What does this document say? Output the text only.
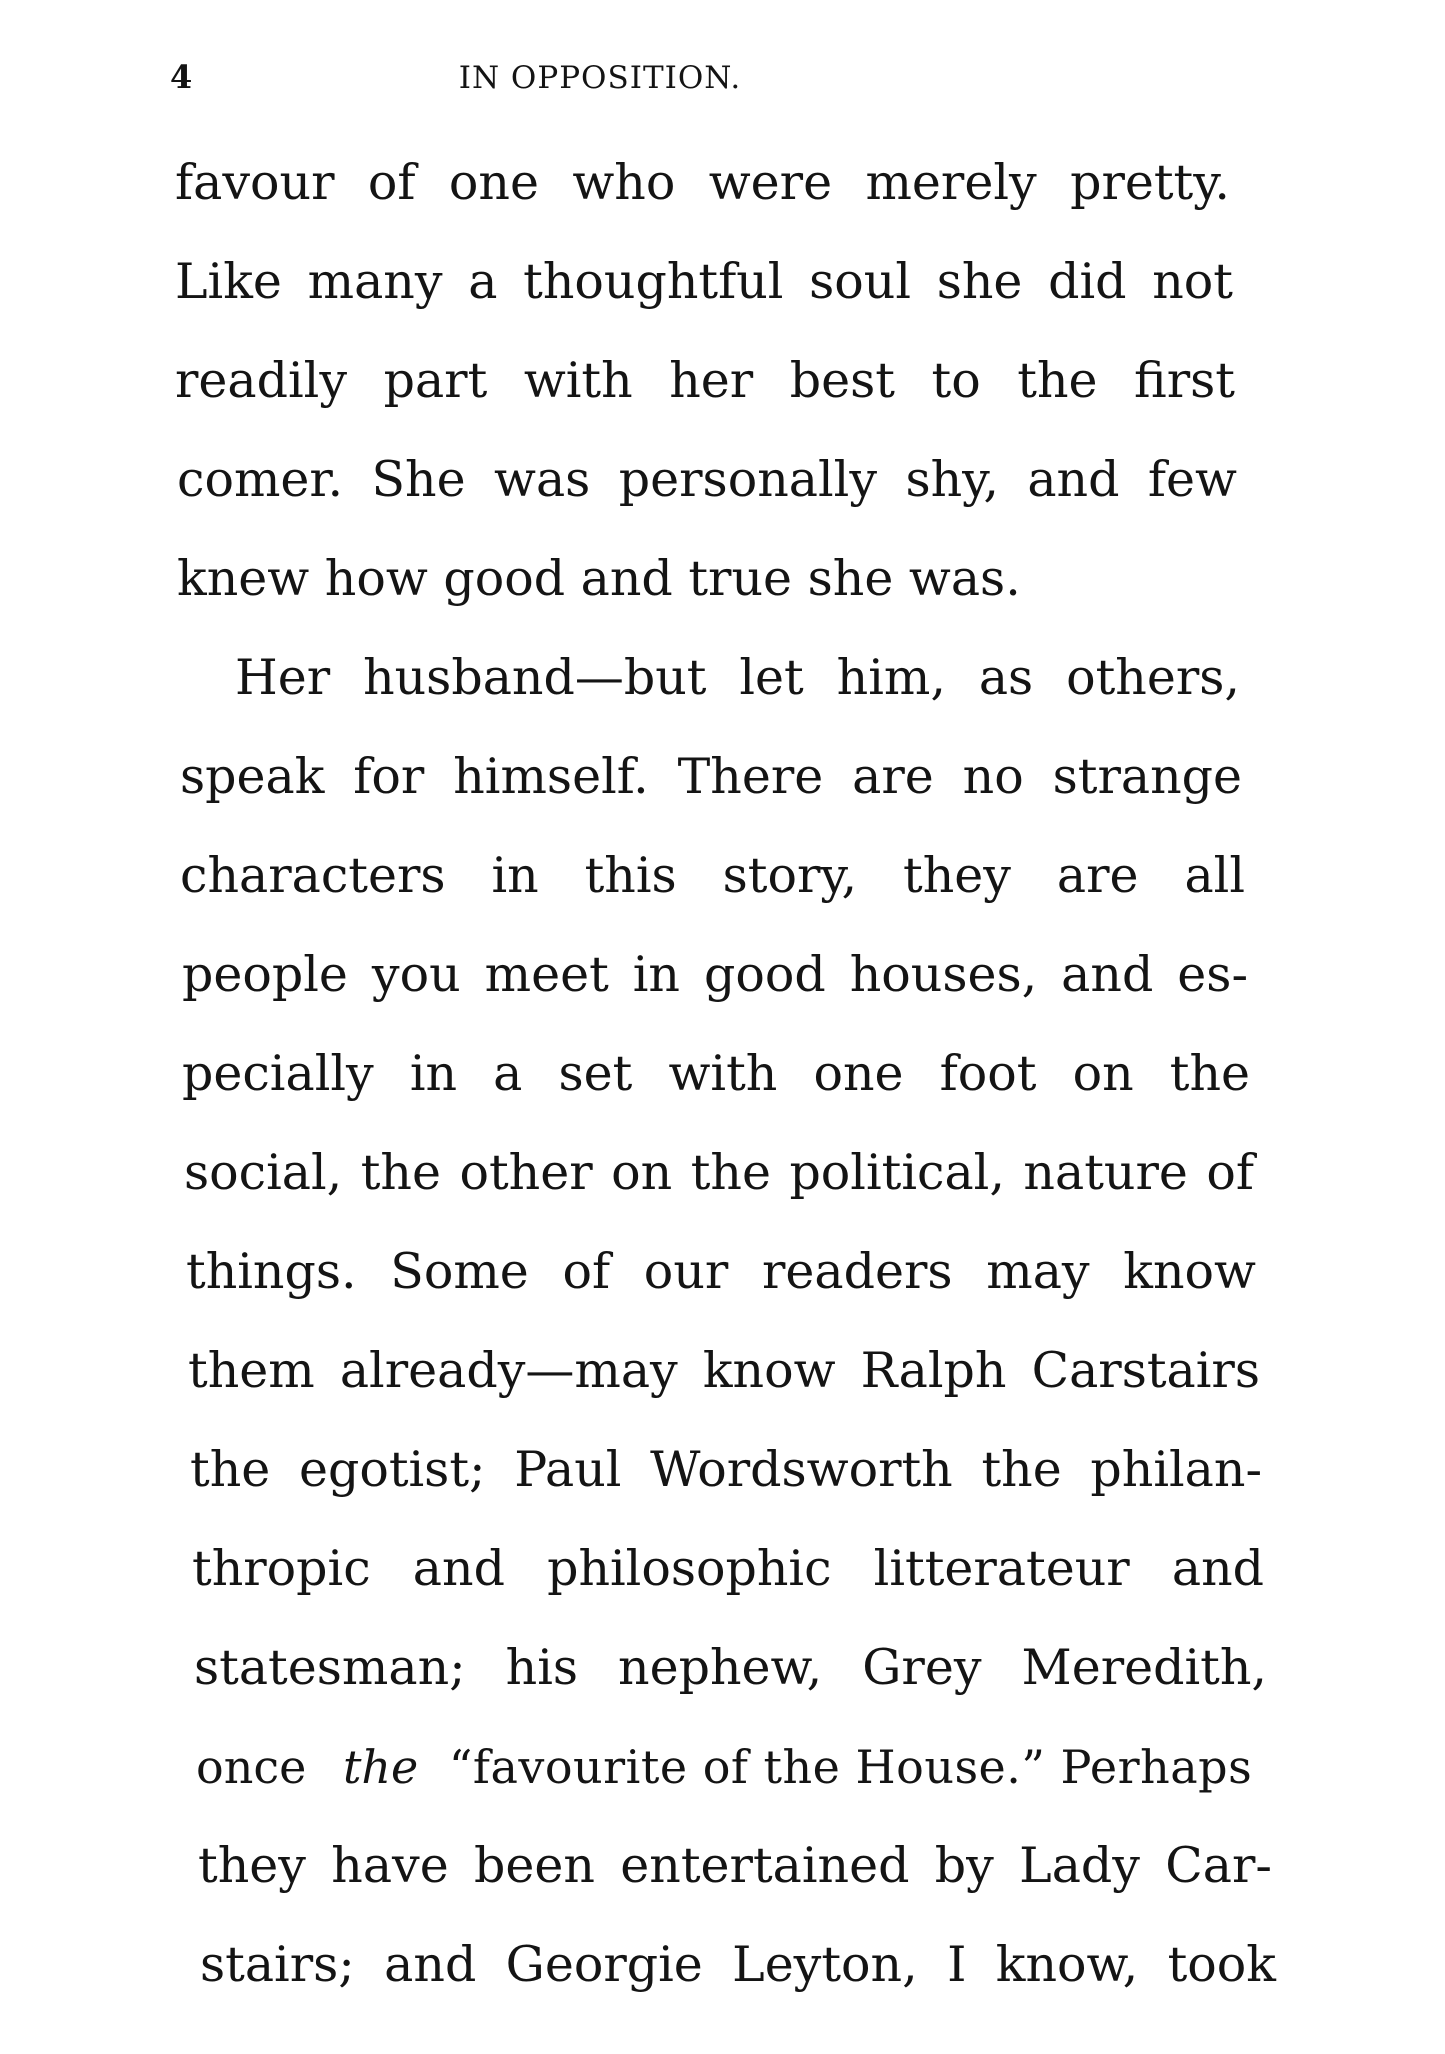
4	IN OPPOSITION.
favour of one who were merely pretty.
Like many a thoughtful soul she did not
readily part with her best to the first
comer. She was personally shy, and few
knew how good and true she was.
Her husband—but let him, as others,
speak for himself. There are no strange
characters in this story, they are all
people you meet in good houses, and es-
pecially in a set with one foot on the
social, the other on the political, nature of
things. Some of our readers may know
them already—may know Ralph Carstairs
the egotist; Paul Wordsworth the philan-
thropic and philosophic litterateur and
statesman; his nephew, Grey Meredith,
once the “favourite of the House.” Perhaps
they have been entertained by Lady Car-
stairs; and Georgie Leyton, I know, took
